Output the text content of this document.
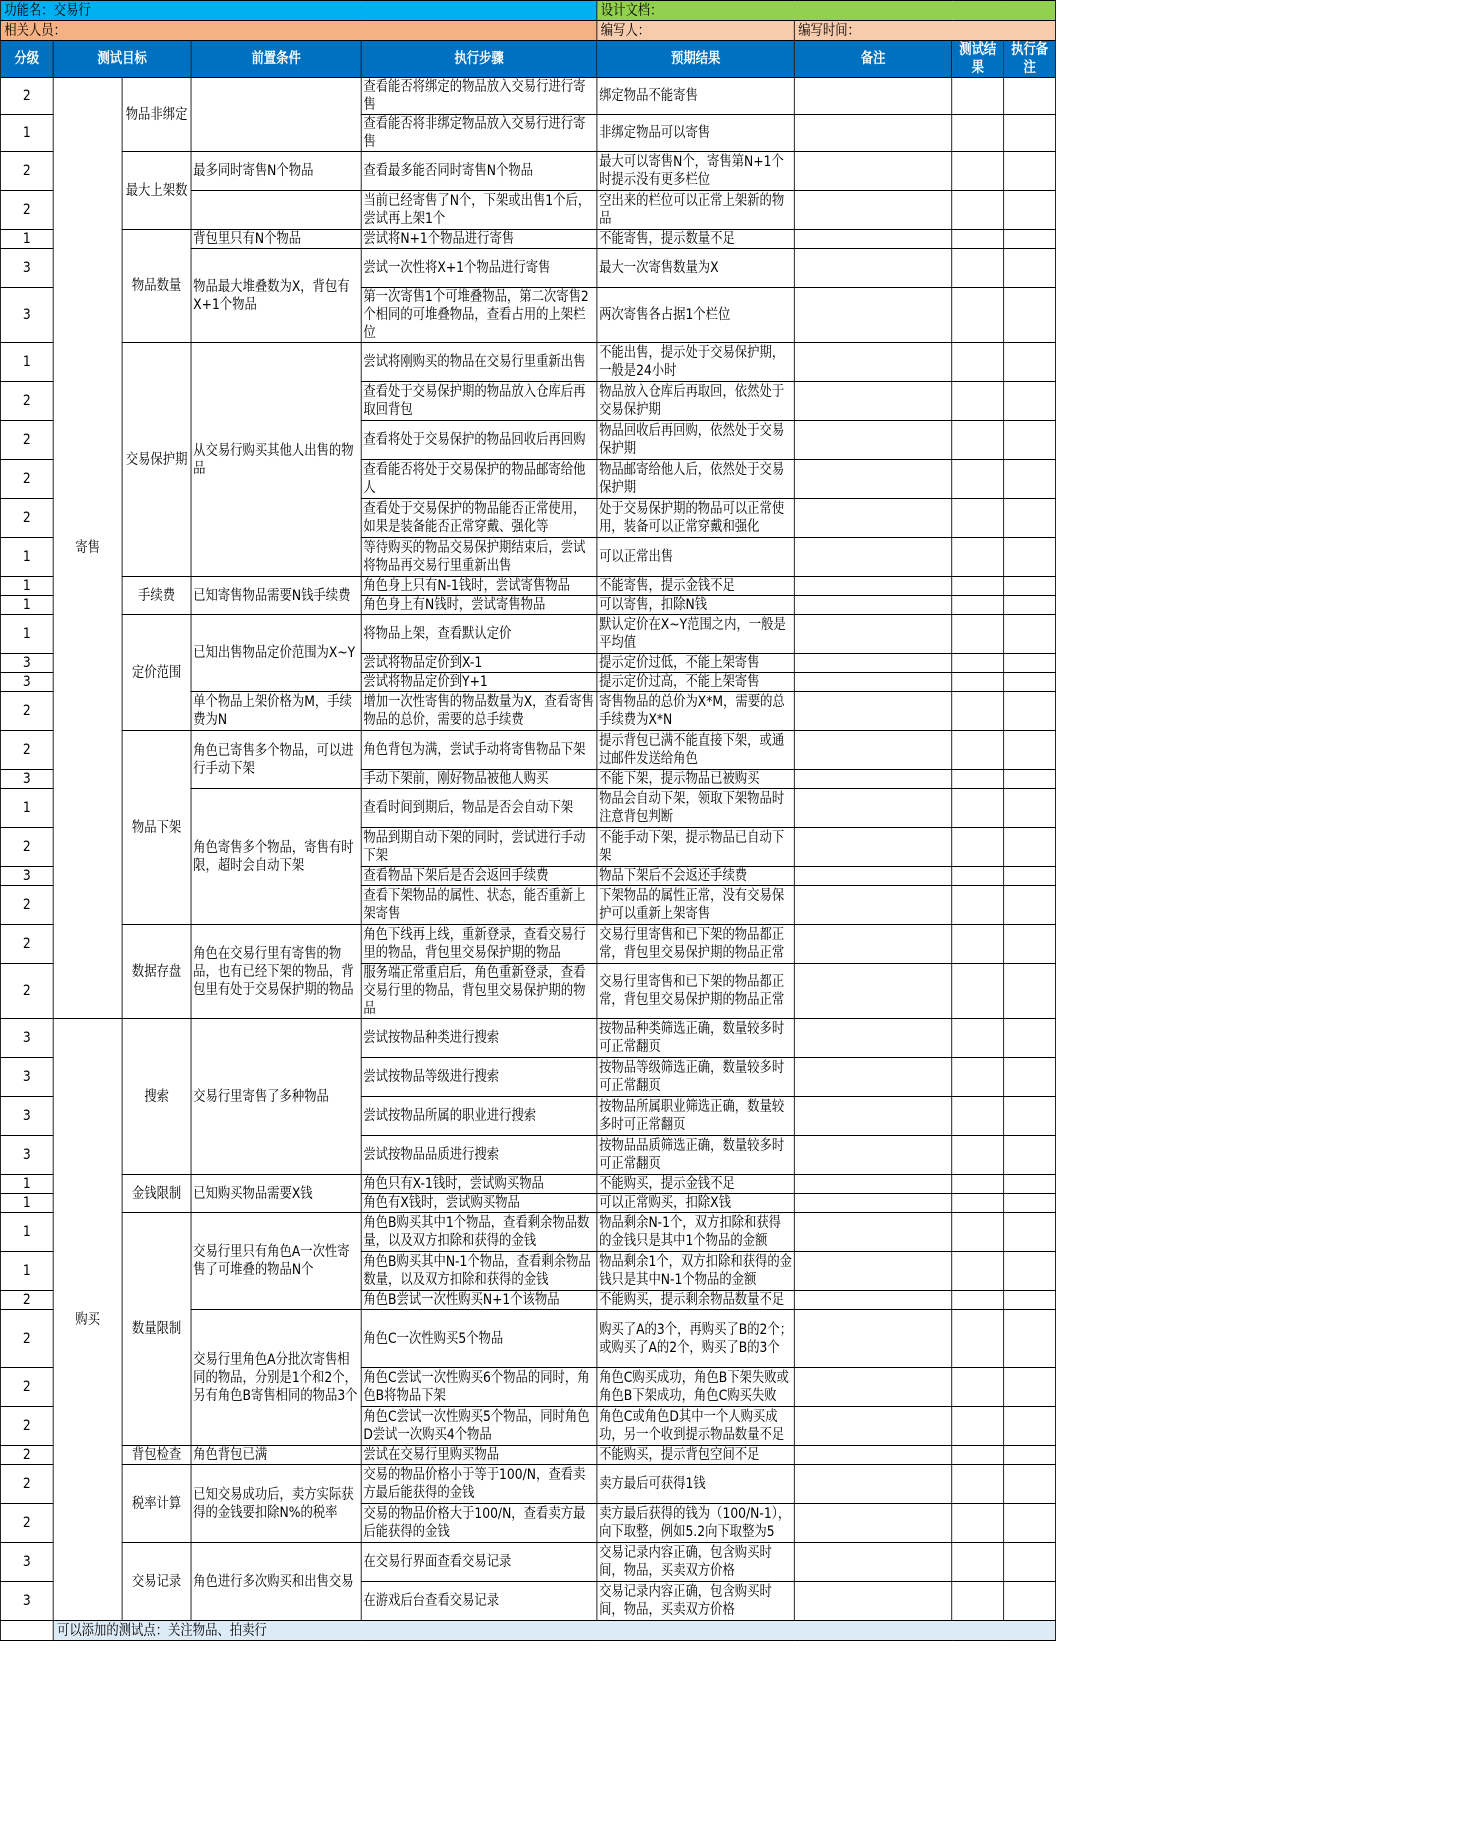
功能名：交易行					设计文档：			
相关人员：					编写人：	编写时间：		
分级	测试目标		前置条件	执行步骤	预期结果	备注	测试结果	执行备注
2	寄售	物品非绑定		查看能否将绑定的物品放入交易行进行寄售	绑定物品不能寄售			
1				查看能否将非绑定物品放入交易行进行寄售	非绑定物品可以寄售			
2		最大上架数	最多同时寄售N个物品	查看最多能否同时寄售N个物品	最大可以寄售N个，寄售第N+1个时提示没有更多栏位			
2				当前已经寄售了N个，下架或出售1个后，尝试再上架1个	空出来的栏位可以正常上架新的物品			
1		物品数量	背包里只有N个物品	尝试将N+1个物品进行寄售	不能寄售，提示数量不足			
3			物品最大堆叠数为X，背包有X+1个物品	尝试一次性将X+1个物品进行寄售	最大一次寄售数量为X			
3				第一次寄售1个可堆叠物品，第二次寄售2个相同的可堆叠物品，查看占用的上架栏位	两次寄售各占据1个栏位			
1		交易保护期	从交易行购买其他人出售的物品	尝试将刚购买的物品在交易行里重新出售	不能出售，提示处于交易保护期，一般是24小时			
2				查看处于交易保护期的物品放入仓库后再取回背包	物品放入仓库后再取回，依然处于交易保护期			
2				查看将处于交易保护的物品回收后再回购	物品回收后再回购，依然处于交易保护期			
2				查看能否将处于交易保护的物品邮寄给他人	物品邮寄给他人后，依然处于交易保护期			
2				查看处于交易保护的物品能否正常使用，如果是装备能否正常穿戴、强化等	处于交易保护期的物品可以正常使用，装备可以正常穿戴和强化			
1				等待购买的物品交易保护期结束后，尝试将物品再交易行里重新出售	可以正常出售			
1		手续费	已知寄售物品需要N钱手续费	角色身上只有N-1钱时，尝试寄售物品	不能寄售，提示金钱不足			
1				角色身上有N钱时，尝试寄售物品	可以寄售，扣除N钱			
1		定价范围	已知出售物品定价范围为X~Y	将物品上架，查看默认定价	默认定价在X~Y范围之内，一般是平均值			
3				尝试将物品定价到X-1	提示定价过低，不能上架寄售			
3				尝试将物品定价到Y+1	提示定价过高，不能上架寄售			
2			单个物品上架价格为M，手续费为N	增加一次性寄售的物品数量为X，查看寄售物品的总价，需要的总手续费	寄售物品的总价为X*M，需要的总手续费为X*N			
2		物品下架	角色已寄售多个物品，可以进行手动下架	角色背包为满，尝试手动将寄售物品下架	提示背包已满不能直接下架，或通过邮件发送给角色			
3				手动下架前，刚好物品被他人购买	不能下架，提示物品已被购买			
1			角色寄售多个物品，寄售有时限，超时会自动下架	查看时间到期后，物品是否会自动下架	物品会自动下架，领取下架物品时注意背包判断			
2				物品到期自动下架的同时，尝试进行手动下架	不能手动下架，提示物品已自动下架			
3				查看物品下架后是否会返回手续费	物品下架后不会返还手续费			
2				查看下架物品的属性、状态，能否重新上架寄售	下架物品的属性正常，没有交易保护可以重新上架寄售			
2		数据存盘	角色在交易行里有寄售的物品，也有已经下架的物品，背包里有处于交易保护期的物品	角色下线再上线，重新登录，查看交易行里的物品，背包里交易保护期的物品	交易行里寄售和已下架的物品都正常，背包里交易保护期的物品正常			
2				服务端正常重启后，角色重新登录，查看交易行里的物品，背包里交易保护期的物品	交易行里寄售和已下架的物品都正常，背包里交易保护期的物品正常			
3	购买	搜索	交易行里寄售了多种物品	尝试按物品种类进行搜索	按物品种类筛选正确，数量较多时可正常翻页			
3				尝试按物品等级进行搜索	按物品等级筛选正确，数量较多时可正常翻页			
3				尝试按物品所属的职业进行搜索	按物品所属职业筛选正确，数量较多时可正常翻页			
3				尝试按物品品质进行搜索	按物品品质筛选正确，数量较多时可正常翻页			
1		金钱限制	已知购买物品需要X钱	角色只有X-1钱时，尝试购买物品	不能购买，提示金钱不足			
1				角色有X钱时，尝试购买物品	可以正常购买，扣除X钱			
1		数量限制	交易行里只有角色A一次性寄售了可堆叠的物品N个	角色B购买其中1个物品，查看剩余物品数量，以及双方扣除和获得的金钱	物品剩余N-1个，双方扣除和获得的金钱只是其中1个物品的金额			
1				角色B购买其中N-1个物品，查看剩余物品数量，以及双方扣除和获得的金钱	物品剩余1个，双方扣除和获得的金钱只是其中N-1个物品的金额			
2				角色B尝试一次性购买N+1个该物品	不能购买，提示剩余物品数量不足			
2			交易行里角色A分批次寄售相同的物品，分别是1个和2个，另有角色B寄售相同的物品3个	角色C一次性购买5个物品	购买了A的3个，再购买了B的2个；或购买了A的2个，购买了B的3个			
2				角色C尝试一次性购买6个物品的同时，角色B将物品下架	角色C购买成功，角色B下架失败或角色B下架成功，角色C购买失败			
2				角色C尝试一次性购买5个物品，同时角色D尝试一次购买4个物品	角色C或角色D其中一个人购买成功，另一个收到提示物品数量不足			
2		背包检查	角色背包已满	尝试在交易行里购买物品	不能购买，提示背包空间不足			
2		税率计算	已知交易成功后，卖方实际获得的金钱要扣除N%的税率	交易的物品价格小于等于100/N，查看卖方最后能获得的金钱	卖方最后可获得1钱			
2				交易的物品价格大于100/N，查看卖方最后能获得的金钱	卖方最后获得的钱为（100/N-1），向下取整，例如5.2向下取整为5			
3		交易记录	角色进行多次购买和出售交易	在交易行界面查看交易记录	交易记录内容正确，包含购买时间，物品，买卖双方价格			
3				在游戏后台查看交易记录	交易记录内容正确，包含购买时间，物品，买卖双方价格			
	可以添加的测试点：关注物品、拍卖行							
